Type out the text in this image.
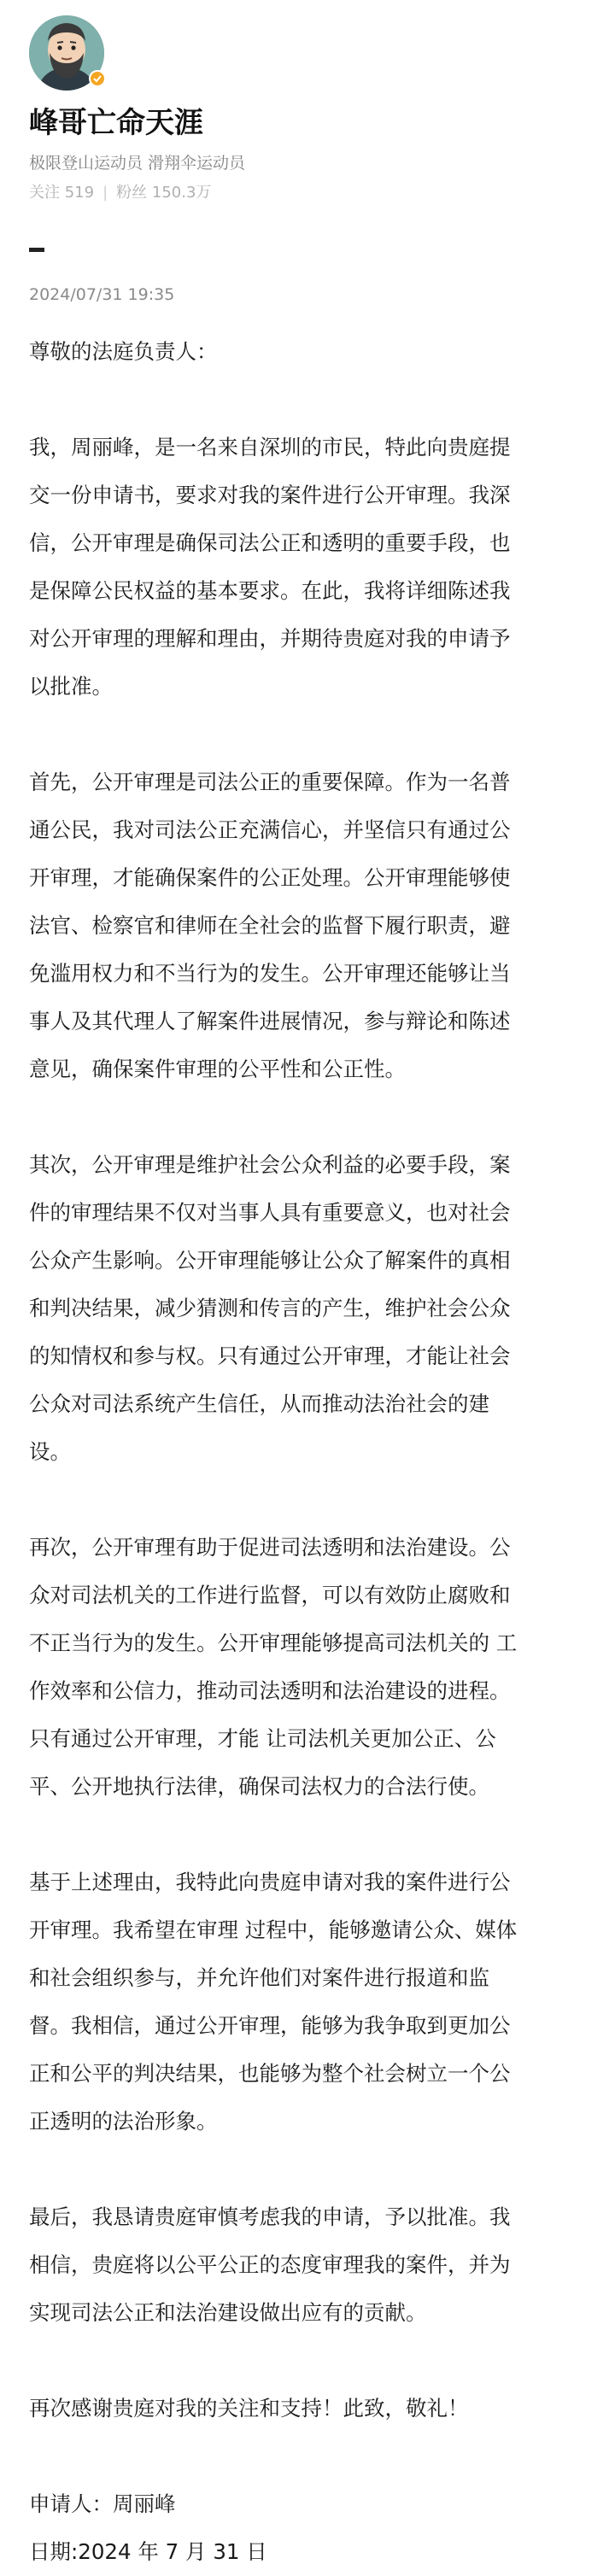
峰哥亡命天涯
极限登山运动员 滑翔伞运动员
关注 519 | 粉丝 150.3万
2024/07/31 19:35

尊敬的法庭负责人：

我，周丽峰，是一名来自深圳的市民，特此向贵庭提
交一份申请书，要求对我的案件进行公开审理。我深
信，公开审理是确保司法公正和透明的重要手段，也
是保障公民权益的基本要求。在此，我将详细陈述我
对公开审理的理解和理由，并期待贵庭对我的申请予
以批准。

首先，公开审理是司法公正的重要保障。作为一名普
通公民，我对司法公正充满信心，并坚信只有通过公
开审理，才能确保案件的公正处理。公开审理能够使
法官、检察官和律师在全社会的监督下履行职责，避
免滥用权力和不当行为的发生。公开审理还能够让当
事人及其代理人了解案件进展情况，参与辩论和陈述
意见，确保案件审理的公平性和公正性。

其次，公开审理是维护社会公众利益的必要手段，案
件的审理结果不仅对当事人具有重要意义，也对社会
公众产生影响。公开审理能够让公众了解案件的真相
和判决结果，减少猜测和传言的产生，维护社会公众
的知情权和参与权。只有通过公开审理，才能让社会
公众对司法系统产生信任，从而推动法治社会的建
设。

再次，公开审理有助于促进司法透明和法治建设。公
众对司法机关的工作进行监督，可以有效防止腐败和
不正当行为的发生。公开审理能够提高司法机关的 工
作效率和公信力，推动司法透明和法治建设的进程。
只有通过公开审理，才能 让司法机关更加公正、公
平、公开地执行法律，确保司法权力的合法行使。

基于上述理由，我特此向贵庭申请对我的案件进行公
开审理。我希望在审理 过程中，能够邀请公众、媒体
和社会组织参与，并允许他们对案件进行报道和监
督。我相信，通过公开审理，能够为我争取到更加公
正和公平的判决结果，也能够为整个社会树立一个公
正透明的法治形象。

最后，我恳请贵庭审慎考虑我的申请，予以批准。我
相信，贵庭将以公平公正的态度审理我的案件，并为
实现司法公正和法治建设做出应有的贡献。

再次感谢贵庭对我的关注和支持！此致，敬礼！

申请人：周丽峰

日期:2024 年 7 月 31 日
